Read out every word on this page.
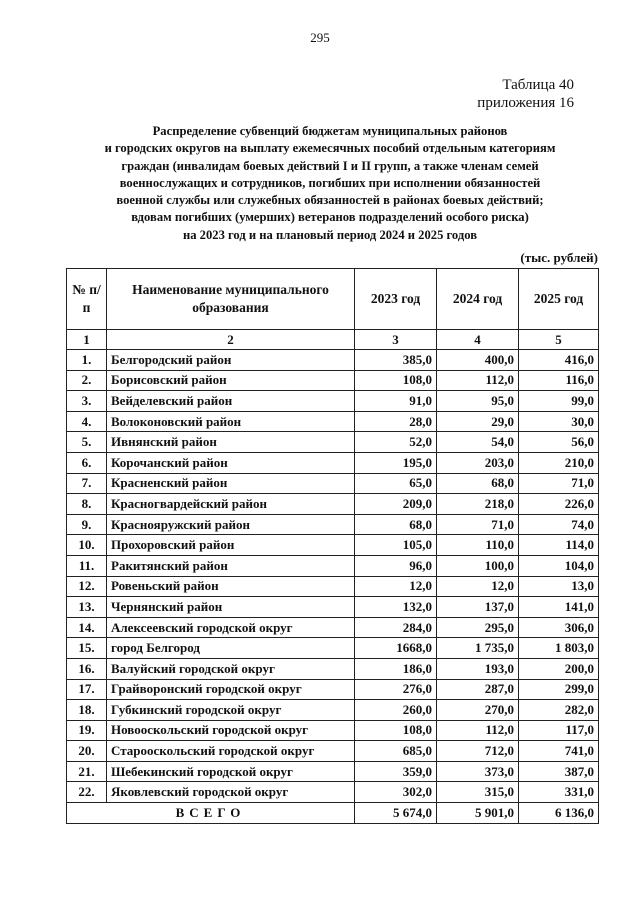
295
Таблица 40
приложения 16
Распределение субвенций бюджетам муниципальных районов
и городских округов на выплату ежемесячных пособий отдельным категориям
граждан (инвалидам боевых действий I и II групп, а также членам семей
военнослужащих и сотрудников, погибших при исполнении обязанностей
военной службы или служебных обязанностей в районах боевых действий;
вдовам погибших (умерших) ветеранов подразделений особого риска)
на 2023 год и на плановый период 2024 и 2025 годов
(тыс. рублей)
№ п/п	Наименование муниципального образования	2023 год	2024 год	2025 год
1	2	3	4	5
1.	Белгородский район	385,0	400,0	416,0
2.	Борисовский район	108,0	112,0	116,0
3.	Вейделевский район	91,0	95,0	99,0
4.	Волоконовский район	28,0	29,0	30,0
5.	Ивнянский район	52,0	54,0	56,0
6.	Корочанский район	195,0	203,0	210,0
7.	Красненский район	65,0	68,0	71,0
8.	Красногвардейский район	209,0	218,0	226,0
9.	Краснояружский район	68,0	71,0	74,0
10.	Прохоровский район	105,0	110,0	114,0
11.	Ракитянский район	96,0	100,0	104,0
12.	Ровеньский район	12,0	12,0	13,0
13.	Чернянский район	132,0	137,0	141,0
14.	Алексеевский городской округ	284,0	295,0	306,0
15.	город Белгород	1668,0	1 735,0	1 803,0
16.	Валуйский городской округ	186,0	193,0	200,0
17.	Грайворонский городской округ	276,0	287,0	299,0
18.	Губкинский городской округ	260,0	270,0	282,0
19.	Новооскольский городской округ	108,0	112,0	117,0
20.	Старооскольский городской округ	685,0	712,0	741,0
21.	Шебекинский городской округ	359,0	373,0	387,0
22.	Яковлевский городской округ	302,0	315,0	331,0
ВСЕГО		5 674,0	5 901,0	6 136,0
